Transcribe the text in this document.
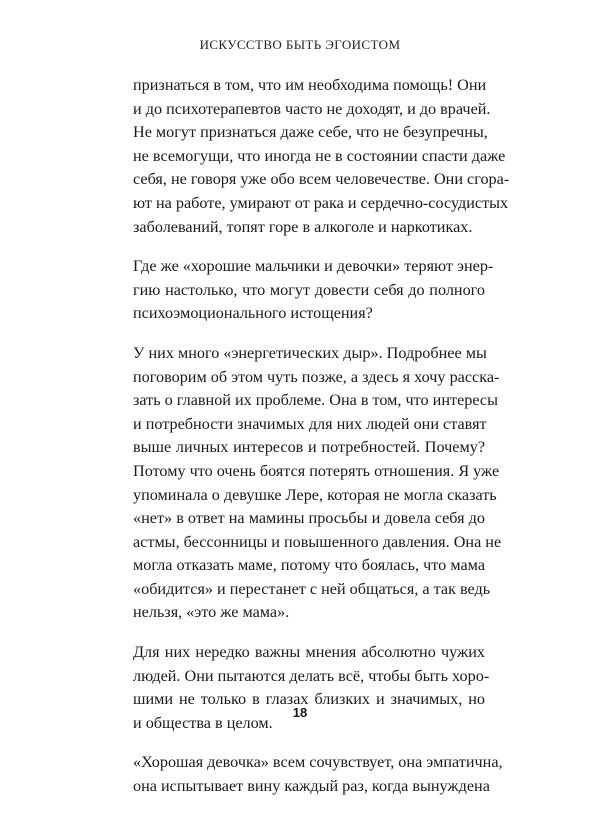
ИСКУССТВО БЫТЬ ЭГОИСТОМ

признаться в том, что им необходима помощь! Они
и до психотерапевтов часто не доходят, и до врачей.
Не могут признаться даже себе, что не безупречны,
не всемогущи, что иногда не в состоянии спасти даже
себя, не говоря уже обо всем человечестве. Они сгора-
ют на работе, умирают от рака и сердечно-сосудистых
заболеваний, топят горе в алкоголе и наркотиках.

Где же «хорошие мальчики и девочки» теряют энер-
гию настолько, что могут довести себя до полного
психоэмоционального истощения?

У них много «энергетических дыр». Подробнее мы
поговорим об этом чуть позже, а здесь я хочу расска-
зать о главной их проблеме. Она в том, что интересы
и потребности значимых для них людей они ставят
выше личных интересов и потребностей. Почему?
Потому что очень боятся потерять отношения. Я уже
упоминала о девушке Лере, которая не могла сказать
«нет» в ответ на мамины просьбы и довела себя до
астмы, бессонницы и повышенного давления. Она не
могла отказать маме, потому что боялась, что мама
«обидится» и перестанет с ней общаться, а так ведь
нельзя, «это же мама».

Для них нередко важны мнения абсолютно чужих
людей. Они пытаются делать всё, чтобы быть хоро-
шими не только в глазах близких и значимых, но
и общества в целом.

«Хорошая девочка» всем сочувствует, она эмпатична,
она испытывает вину каждый раз, когда вынуждена

18
